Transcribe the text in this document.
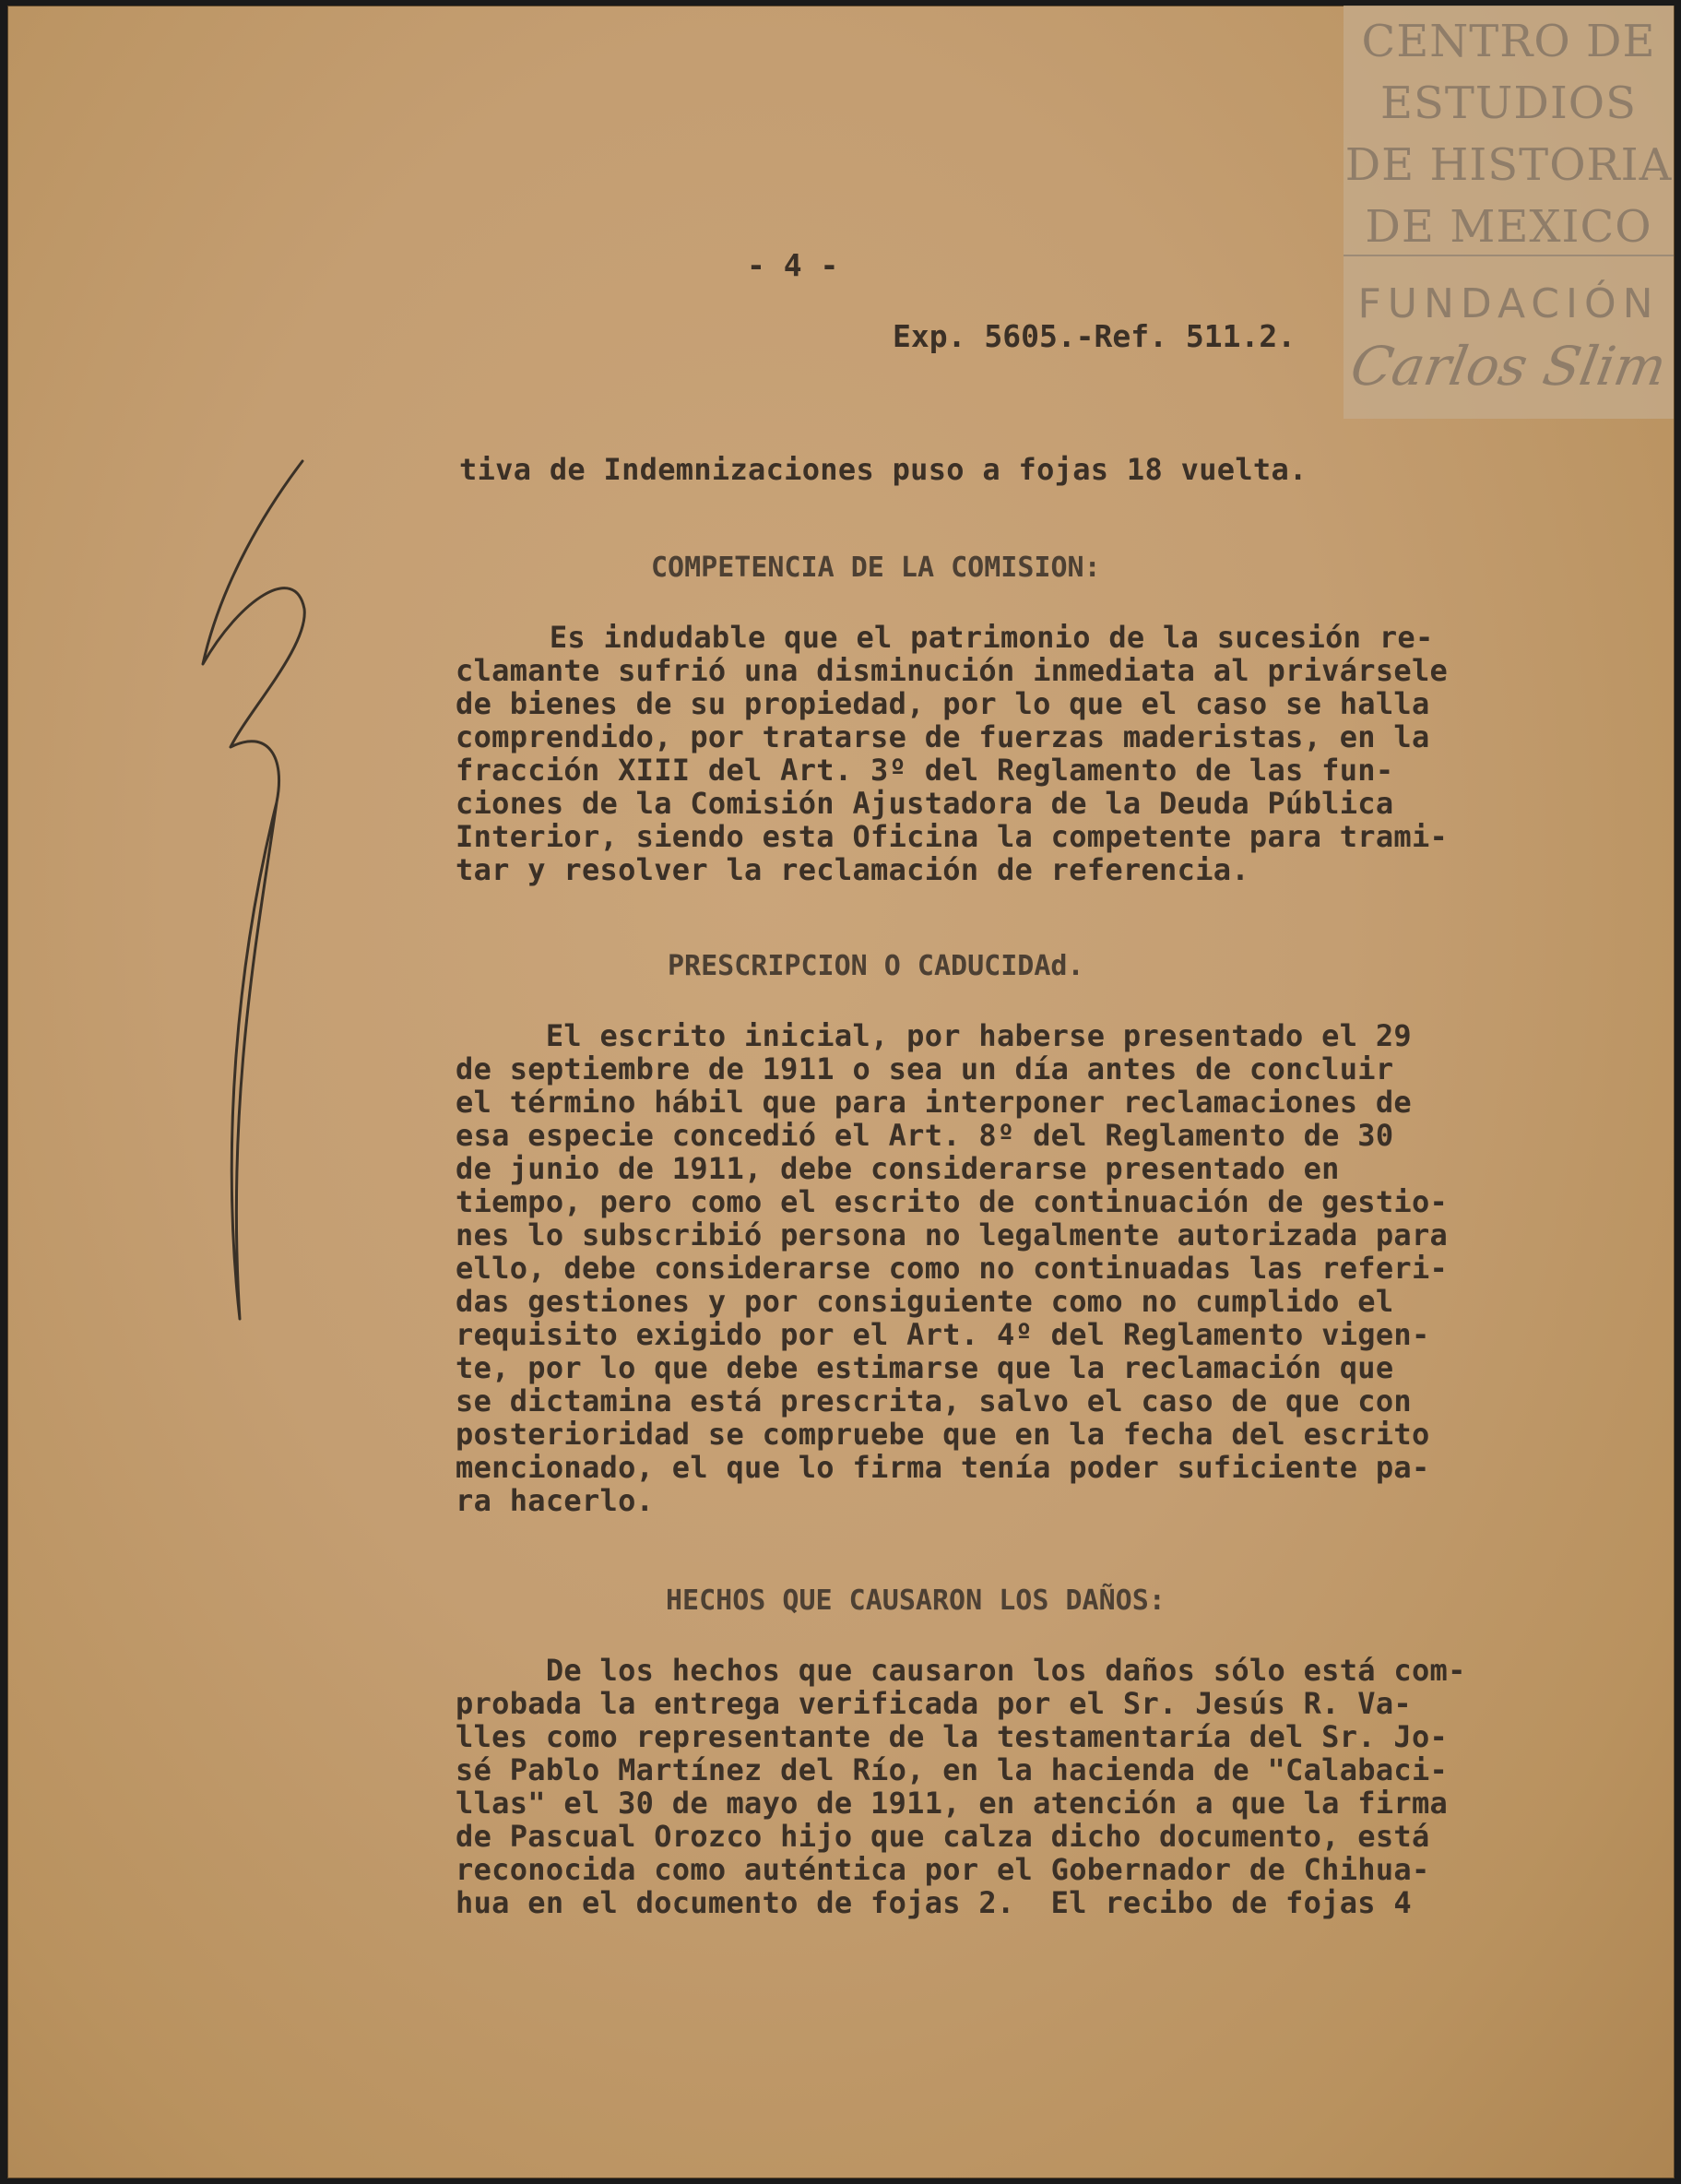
CENTRO DE
ESTUDIOS
DE HISTORIA
DE MEXICO
FUNDACIÓN
Carlos Slim
- 4 -
Exp. 5605.-Ref. 511.2.
tiva de Indemnizaciones puso a fojas 18 vuelta.
COMPETENCIA DE LA COMISION:
Es indudable que el patrimonio de la sucesión re-
clamante sufrió una disminución inmediata al privársele
de bienes de su propiedad, por lo que el caso se halla
comprendido, por tratarse de fuerzas maderistas, en la
fracción XIII del Art. 3º del Reglamento de las fun-
ciones de la Comisión Ajustadora de la Deuda Pública
Interior, siendo esta Oficina la competente para trami-
tar y resolver la reclamación de referencia.
PRESCRIPCION O CADUCIDAd.
El escrito inicial, por haberse presentado el 29
de septiembre de 1911 o sea un día antes de concluir
el término hábil que para interponer reclamaciones de
esa especie concedió el Art. 8º del Reglamento de 30
de junio de 1911, debe considerarse presentado en
tiempo, pero como el escrito de continuación de gestio-
nes lo subscribió persona no legalmente autorizada para
ello, debe considerarse como no continuadas las referi-
das gestiones y por consiguiente como no cumplido el
requisito exigido por el Art. 4º del Reglamento vigen-
te, por lo que debe estimarse que la reclamación que
se dictamina está prescrita, salvo el caso de que con
posterioridad se compruebe que en la fecha del escrito
mencionado, el que lo firma tenía poder suficiente pa-
ra hacerlo.
HECHOS QUE CAUSARON LOS DAÑOS:
De los hechos que causaron los daños sólo está com-
probada la entrega verificada por el Sr. Jesús R. Va-
lles como representante de la testamentaría del Sr. Jo-
sé Pablo Martínez del Río, en la hacienda de "Calabaci-
llas" el 30 de mayo de 1911, en atención a que la firma
de Pascual Orozco hijo que calza dicho documento, está
reconocida como auténtica por el Gobernador de Chihua-
hua en el documento de fojas 2.  El recibo de fojas 4
